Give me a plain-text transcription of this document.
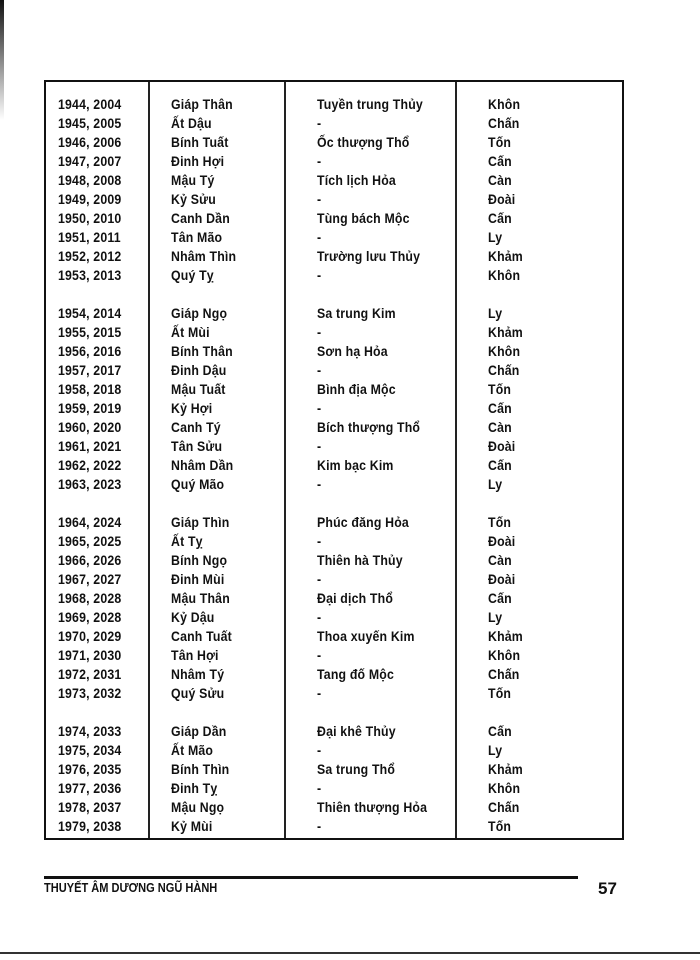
1944, 2004	Giáp Thân	Tuyền trung Thủy	Khôn
1945, 2005	Ất Dậu	-	Chấn
1946, 2006	Bính Tuất	Ốc thượng Thổ	Tốn
1947, 2007	Đinh Hợi	-	Cấn
1948, 2008	Mậu Tý	Tích lịch Hỏa	Càn
1949, 2009	Kỷ Sửu	-	Đoài
1950, 2010	Canh Dần	Tùng bách Mộc	Cấn
1951, 2011	Tân Mão	-	Ly
1952, 2012	Nhâm Thìn	Trường lưu Thủy	Khảm
1953, 2013	Quý Tỵ	-	Khôn
1954, 2014	Giáp Ngọ	Sa trung Kim	Ly
1955, 2015	Ất Mùi	-	Khảm
1956, 2016	Bính Thân	Sơn hạ Hỏa	Khôn
1957, 2017	Đinh Dậu	-	Chấn
1958, 2018	Mậu Tuất	Bình địa Mộc	Tốn
1959, 2019	Kỷ Hợi	-	Cấn
1960, 2020	Canh Tý	Bích thượng Thổ	Càn
1961, 2021	Tân Sửu	-	Đoài
1962, 2022	Nhâm Dần	Kim bạc Kim	Cấn
1963, 2023	Quý Mão	-	Ly
1964, 2024	Giáp Thìn	Phúc đăng Hỏa	Tốn
1965, 2025	Ất Tỵ	-	Đoài
1966, 2026	Bính Ngọ	Thiên hà Thủy	Càn
1967, 2027	Đinh Mùi	-	Đoài
1968, 2028	Mậu Thân	Đại dịch Thổ	Cấn
1969, 2028	Kỷ Dậu	-	Ly
1970, 2029	Canh Tuất	Thoa xuyến Kim	Khảm
1971, 2030	Tân Hợi	-	Khôn
1972, 2031	Nhâm Tý	Tang đố Mộc	Chấn
1973, 2032	Quý Sửu	-	Tốn
1974, 2033	Giáp Dần	Đại khê Thủy	Cấn
1975, 2034	Ất Mão	-	Ly
1976, 2035	Bính Thìn	Sa trung Thổ	Khảm
1977, 2036	Đinh Tỵ	-	Khôn
1978, 2037	Mậu Ngọ	Thiên thượng Hỏa	Chấn
1979, 2038	Kỷ Mùi	-	Tốn
THUYẾT ÂM DƯƠNG NGŨ HÀNH	57
